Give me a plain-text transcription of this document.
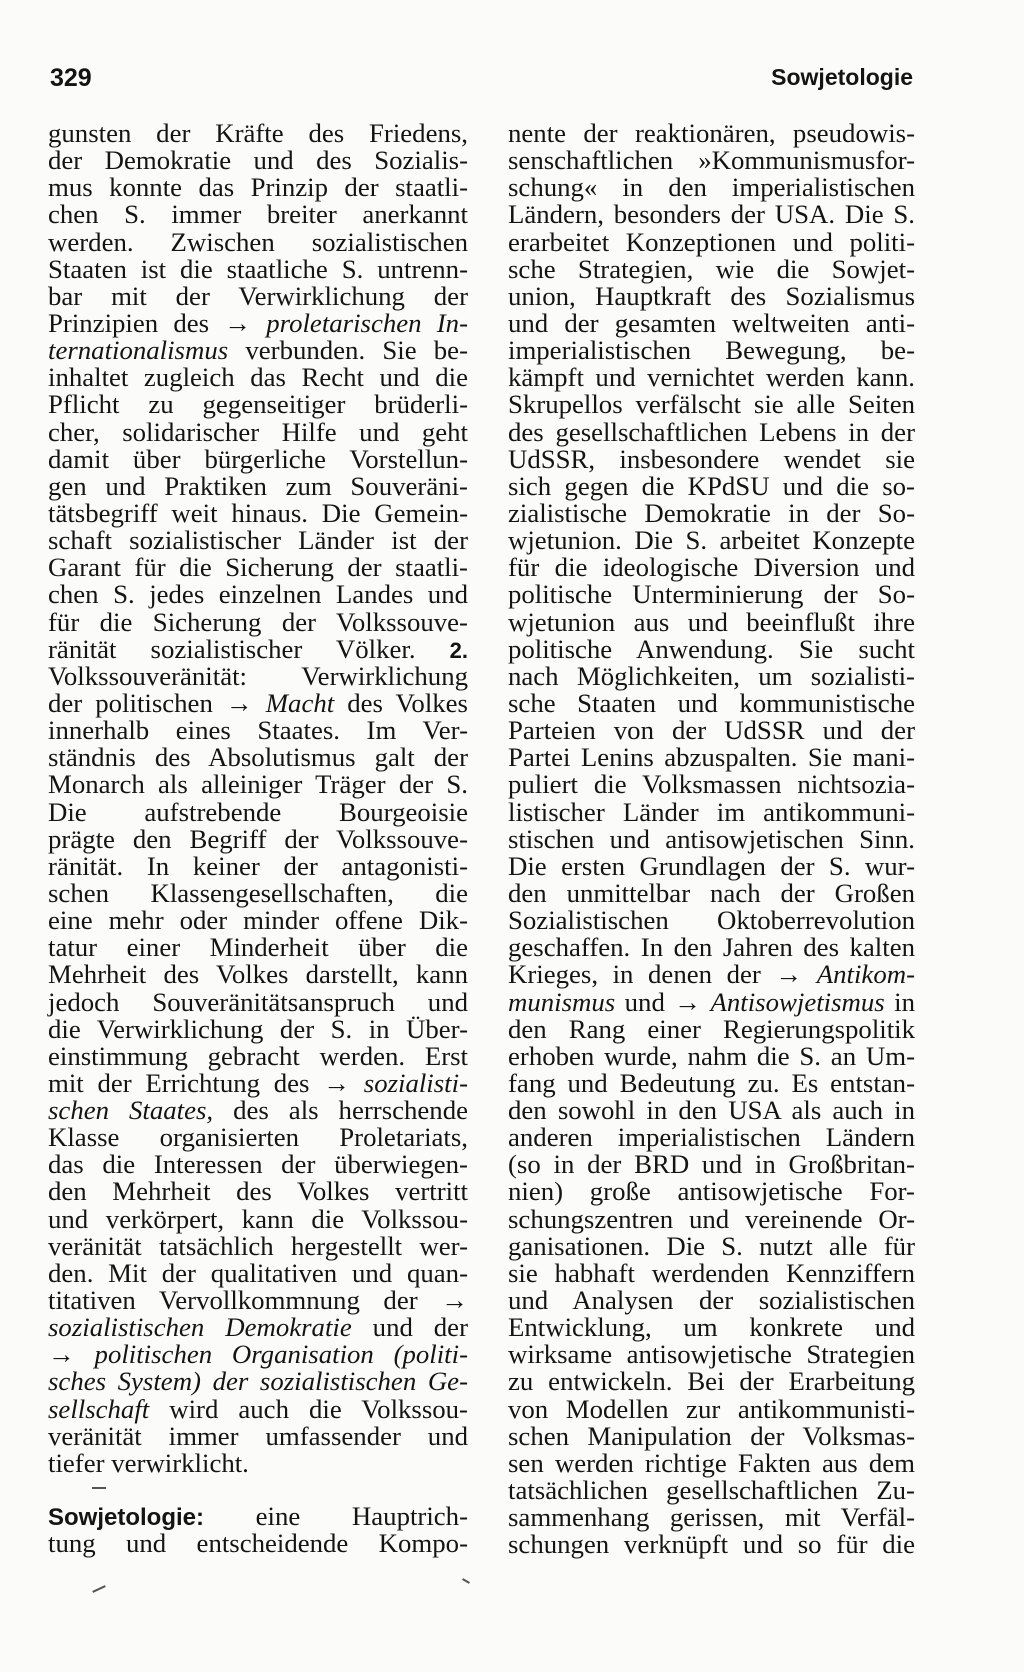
329	Sowjetologie
gunsten der Kräfte des Friedens,
der Demokratie und des Sozialis-
mus konnte das Prinzip der staatli-
chen S. immer breiter anerkannt
werden. Zwischen sozialistischen
Staaten ist die staatliche S. untrenn-
bar mit der Verwirklichung der
Prinzipien des → proletarischen In-
ternationalismus verbunden. Sie be-
inhaltet zugleich das Recht und die
Pflicht zu gegenseitiger brüderli-
cher, solidarischer Hilfe und geht
damit über bürgerliche Vorstellun-
gen und Praktiken zum Souveräni-
tätsbegriff weit hinaus. Die Gemein-
schaft sozialistischer Länder ist der
Garant für die Sicherung der staatli-
chen S. jedes einzelnen Landes und
für die Sicherung der Volkssouve-
ränität sozialistischer Völker. 2.
Volkssouveränität: Verwirklichung
der politischen → Macht des Volkes
innerhalb eines Staates. Im Ver-
ständnis des Absolutismus galt der
Monarch als alleiniger Träger der S.
Die aufstrebende Bourgeoisie
prägte den Begriff der Volkssouve-
ränität. In keiner der antagonisti-
schen Klassengesellschaften, die
eine mehr oder minder offene Dik-
tatur einer Minderheit über die
Mehrheit des Volkes darstellt, kann
jedoch Souveränitätsanspruch und
die Verwirklichung der S. in Über-
einstimmung gebracht werden. Erst
mit der Errichtung des → sozialisti-
schen Staates, des als herrschende
Klasse organisierten Proletariats,
das die Interessen der überwiegen-
den Mehrheit des Volkes vertritt
und verkörpert, kann die Volkssou-
veränität tatsächlich hergestellt wer-
den. Mit der qualitativen und quan-
titativen Vervollkommnung der →
sozialistischen Demokratie und der
→ politischen Organisation (politi-
sches System) der sozialistischen Ge-
sellschaft wird auch die Volkssou-
veränität immer umfassender und
tiefer verwirklicht.
Sowjetologie: eine Hauptrich-
tung und entscheidende Kompo-
nente der reaktionären, pseudowis-
senschaftlichen »Kommunismusfor-
schung« in den imperialistischen
Ländern, besonders der USA. Die S.
erarbeitet Konzeptionen und politi-
sche Strategien, wie die Sowjet-
union, Hauptkraft des Sozialismus
und der gesamten weltweiten anti-
imperialistischen Bewegung, be-
kämpft und vernichtet werden kann.
Skrupellos verfälscht sie alle Seiten
des gesellschaftlichen Lebens in der
UdSSR, insbesondere wendet sie
sich gegen die KPdSU und die so-
zialistische Demokratie in der So-
wjetunion. Die S. arbeitet Konzepte
für die ideologische Diversion und
politische Unterminierung der So-
wjetunion aus und beeinflußt ihre
politische Anwendung. Sie sucht
nach Möglichkeiten, um sozialisti-
sche Staaten und kommunistische
Parteien von der UdSSR und der
Partei Lenins abzuspalten. Sie mani-
puliert die Volksmassen nichtsozia-
listischer Länder im antikommuni-
stischen und antisowjetischen Sinn.
Die ersten Grundlagen der S. wur-
den unmittelbar nach der Großen
Sozialistischen Oktoberrevolution
geschaffen. In den Jahren des kalten
Krieges, in denen der → Antikom-
munismus und → Antisowjetismus in
den Rang einer Regierungspolitik
erhoben wurde, nahm die S. an Um-
fang und Bedeutung zu. Es entstan-
den sowohl in den USA als auch in
anderen imperialistischen Ländern
(so in der BRD und in Großbritan-
nien) große antisowjetische For-
schungszentren und vereinende Or-
ganisationen. Die S. nutzt alle für
sie habhaft werdenden Kennziffern
und Analysen der sozialistischen
Entwicklung, um konkrete und
wirksame antisowjetische Strategien
zu entwickeln. Bei der Erarbeitung
von Modellen zur antikommunisti-
schen Manipulation der Volksmas-
sen werden richtige Fakten aus dem
tatsächlichen gesellschaftlichen Zu-
sammenhang gerissen, mit Verfäl-
schungen verknüpft und so für die
